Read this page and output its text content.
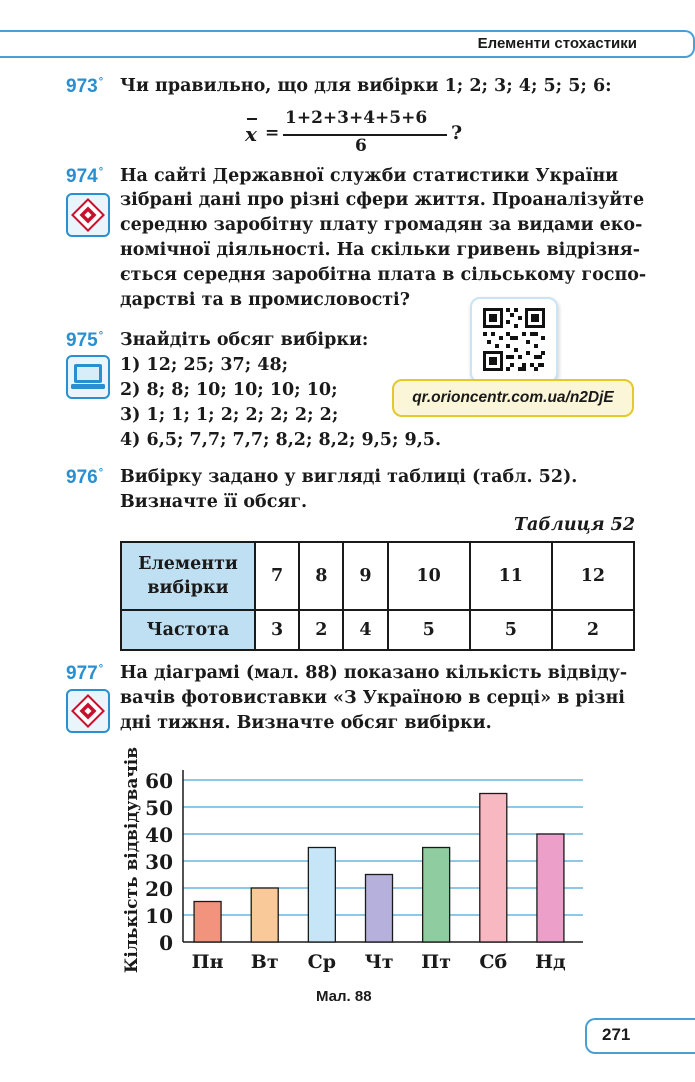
Елементи стохастики
973° Чи правильно, що для вибірки 1; 2; 3; 4; 5; 5; 6:
x =
1+2+3+4+5+6
6
?
974° На сайті Державної служби статистики України
зібрані дані про різні сфери життя. Проаналізуйте
середню заробітну плату громадян за видами еко-
номічної діяльності. На скільки гривень відрізня-
ється середня заробітна плата в сільському госпо-
дарстві та в промисловості?
qr.orioncentr.com.ua/n2DjE
975° Знайдіть обсяг вибірки:
1) 12; 25; 37; 48;
2) 8; 8; 10; 10; 10; 10;
3) 1; 1; 1; 2; 2; 2; 2; 2;
4) 6,5; 7,7; 7,7; 8,2; 8,2; 9,5; 9,5.
976° Вибірку задано у вигляді таблиці (табл. 52).
Визначте її обсяг.
Таблиця 52
Елементи
вибірки	7	8	9	10	11	12
Частота	3	2	4	5	5	2
977° На діаграмі (мал. 88) показано кількість відвіду-
вачів фотовиставки «З Україною в серці» в різні
дні тижня. Визначте обсяг вибірки.
0
10
20
30
40
50
60
Пн Вт Ср Чт Пт Сб Нд
Кількість відвідувачів
Мал. 88
271
